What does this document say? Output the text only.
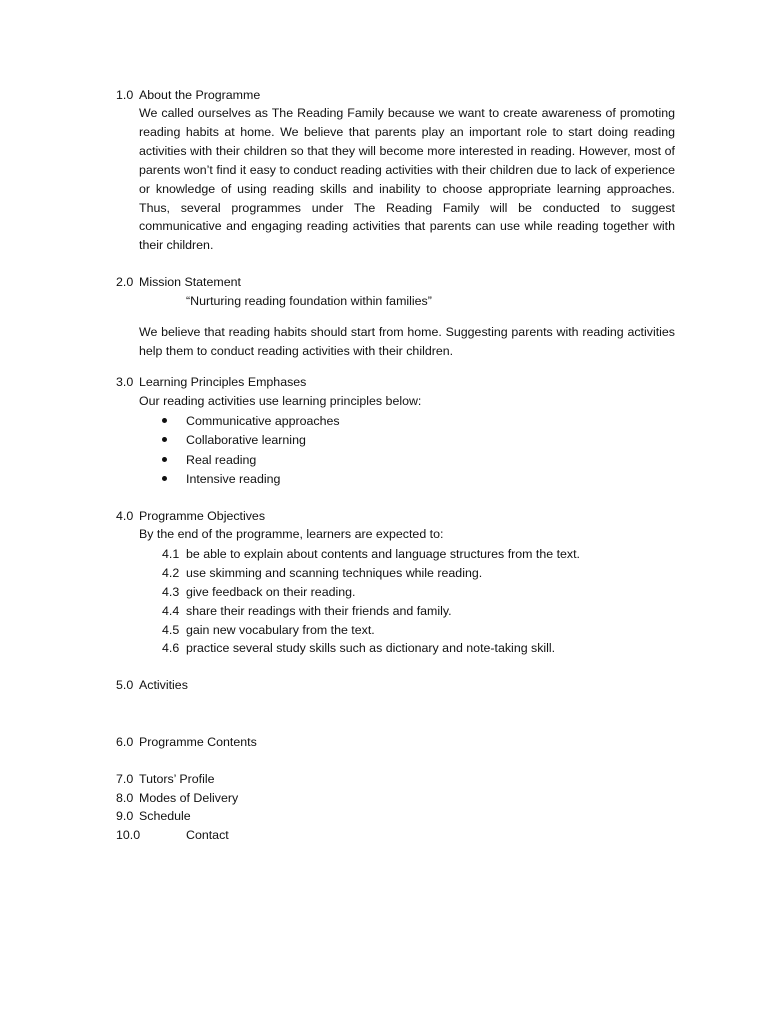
1.0 About the Programme
We called ourselves as The Reading Family because we want to create awareness of promoting reading habits at home. We believe that parents play an important role to start doing reading activities with their children so that they will become more interested in reading. However, most of parents won’t find it easy to conduct reading activities with their children due to lack of experience or knowledge of using reading skills and inability to choose appropriate learning approaches. Thus, several programmes under The Reading Family will be conducted to suggest communicative and engaging reading activities that parents can use while reading together with their children.
2.0 Mission Statement
“Nurturing reading foundation within families”
We believe that reading habits should start from home. Suggesting parents with reading activities help them to conduct reading activities with their children.
3.0 Learning Principles Emphases
Our reading activities use learning principles below:
Communicative approaches
Collaborative learning
Real reading
Intensive reading
4.0 Programme Objectives
By the end of the programme, learners are expected to:
4.1 be able to explain about contents and language structures from the text.
4.2 use skimming and scanning techniques while reading.
4.3 give feedback on their reading.
4.4 share their readings with their friends and family.
4.5 gain new vocabulary from the text.
4.6 practice several study skills such as dictionary and note-taking skill.
5.0 Activities
6.0 Programme Contents
7.0 Tutors’ Profile
8.0 Modes of Delivery
9.0 Schedule
10.0	Contact
